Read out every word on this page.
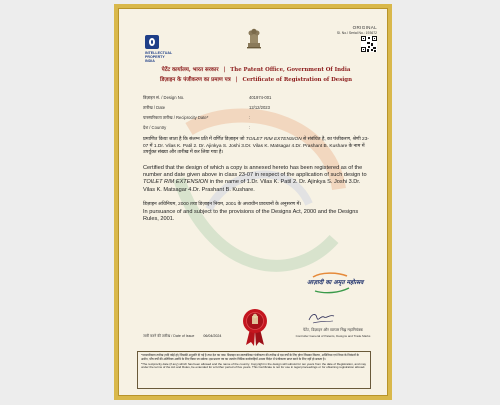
INTELLECTUAL
PROPERTY
INDIA
ORIGINAL
Sl. No./ Serial No.: 193672
पेटेंट कार्यालय, भारत सरकार | The Patent Office, Government Of India
डिज़ाइन के पंजीकरण का प्रमाण पत्र | Certificate of Registration of Design
डिज़ाइन सं. / Design No.	401974-001
तारीख / Date	12/12/2023
पारस्परिकता तारीख / Reciprocity Date*	:
देश / Country	:
प्रमाणित किया जाता है कि संलग्न प्रति में वर्णित डिज़ाइन जो TOILET RIM EXTENSION से संबंधित है, का पंजीकरण, श्रेणी 23-07 में 1.Dr. Vilas K. Patil 2. Dr. Ajinkya S. Joshi 3.Dr. Vilas K. Matsagar 4.Dr. Prashant B. Kushare के नाम में उपर्युक्त संख्या और तारीख में कर लिया गया है।
Certified that the design of which a copy is annexed hereto has been registered as of the number and date given above in class 23-07 in respect of the application of such design to TOILET RIM EXTENSION in the name of 1.Dr. Vilas K. Patil 2. Dr. Ajinkya S. Joshi 3.Dr. Vilas K. Matsagar 4.Dr. Prashant B. Kushare.
डिज़ाइन अधिनियम, 2000 तथा डिज़ाइन नियम, 2001 के अध्यधीन प्रावधानों के अनुसरण में।
In pursuance of and subject to the provisions of the Designs Act, 2000 and the Designs Rules, 2001.
आज़ादी का अमृत महोत्सव
जारी करने की तारीख / Date of Issue	06/04/2024
पेटेंट, डिज़ाइन और व्यापार चिह्न महानियंत्रक
Controller General of Patents, Designs and Trade Marks
*पारस्परिकता तारीख (यदि कोई हो) जिसकी अनुमति दी गई है तथा देश का नाम। डिज़ाइन का स्वत्वाधिकार पंजीकरण की तारीख से दस वर्षों के लिए होगा जिसका विस्तार, अधिनियम एवं नियम के निबंधनों के अधीन, पाँच वर्षों की अतिरिक्त अवधि के लिए किया जा सकेगा। इस प्रमाण पत्र का उपयोग विधिक कार्यवाहियों अथवा विदेश में पंजीकरण प्राप्त करने के लिए नहीं हो सकता है।
*The reciprocity date (if any) which has been allowed and the name of the country. Copyright in the design will subsist for ten years from the date of Registration, and may under the terms of the Act and Rules, be extended for a further period of five years. This Certificate is not for use in legal proceedings or for obtaining registration abroad.
